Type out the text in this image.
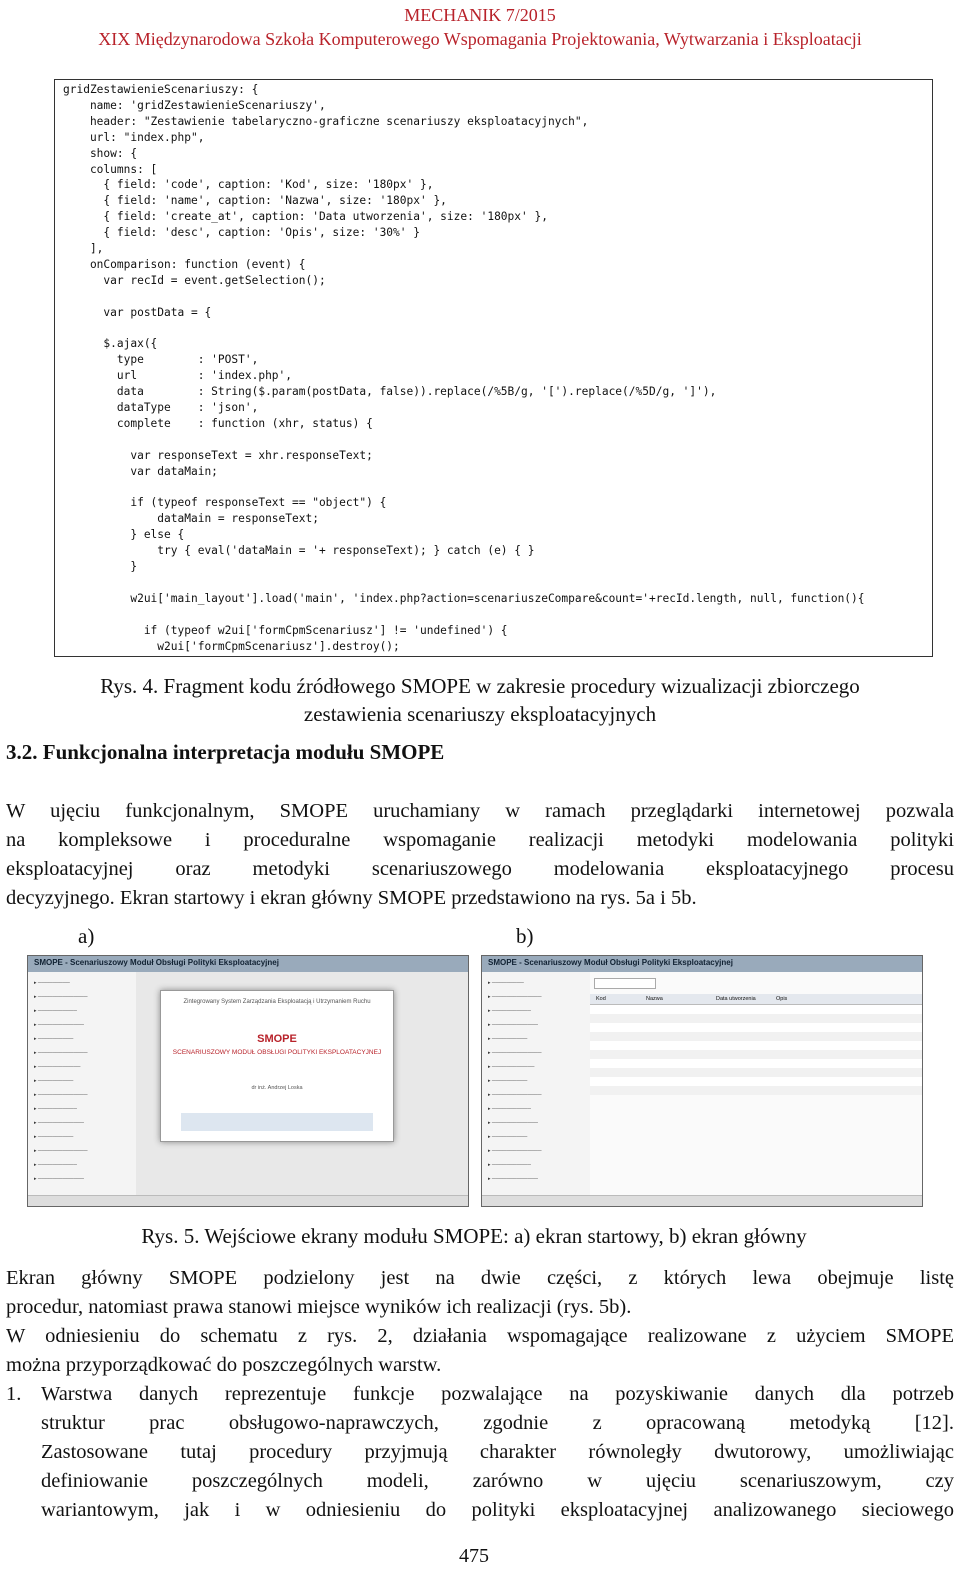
MECHANIK 7/2015
XIX Międzynarodowa Szkoła Komputerowego Wspomagania Projektowania, Wytwarzania i Eksploatacji
gridZestawienieScenariuszy: {
name: 'gridZestawienieScenariuszy',
header: "Zestawienie tabelaryczno-graficzne scenariuszy eksploatacyjnych",
url: "index.php",
show: {
columns: [
{ field: 'code', caption: 'Kod', size: '180px' },
{ field: 'name', caption: 'Nazwa', size: '180px' },
{ field: 'create_at', caption: 'Data utworzenia', size: '180px' },
{ field: 'desc', caption: 'Opis', size: '30%' }
],
onComparison: function (event) {
var recId = event.getSelection();
var postData = {
$.ajax({
type        : 'POST',
url         : 'index.php',
data        : String($.param(postData, false)).replace(/%5B/g, '[').replace(/%5D/g, ']'),
dataType    : 'json',
complete    : function (xhr, status) {
var responseText = xhr.responseText;
var dataMain;
if (typeof responseText == "object") {
dataMain = responseText;
} else {
try { eval('dataMain = '+ responseText); } catch (e) { }
}
w2ui['main_layout'].load('main', 'index.php?action=scenariuszeCompare&count='+recId.length, null, function(){
if (typeof w2ui['formCpmScenariusz'] != 'undefined') {
w2ui['formCpmScenariusz'].destroy();
Rys. 4. Fragment kodu źródłowego SMOPE w zakresie procedury wizualizacji zbiorczego
zestawienia scenariuszy eksploatacyjnych
3.2. Funkcjonalna interpretacja modułu SMOPE
W ujęciu funkcjonalnym, SMOPE uruchamiany w ramach przeglądarki internetowej pozwala
na kompleksowe i proceduralne wspomaganie realizacji metodyki modelowania polityki
eksploatacyjnej oraz metodyki scenariuszowego modelowania eksploatacyjnego procesu
decyzyjnego. Ekran startowy i ekran główny SMOPE przedstawiono na rys. 5a i 5b.
a)	b)
SMOPE - Scenariuszowy Moduł Obsługi Polityki Eksploatacyjnej
▸ ─────────
▸ ──────────────
▸ ───────────
▸ ─────────────
▸ ──────────
▸ ──────────────
▸ ────────────
▸ ──────────
▸ ──────────────
▸ ───────────
▸ ─────────────
▸ ──────────
▸ ──────────────
▸ ───────────
▸ ─────────────
Zintegrowany System Zarządzania Eksploatacją i Utrzymaniem Ruchu
SMOPE
SCENARIUSZOWY MODUŁ OBSŁUGI POLITYKI EKSPLOATACYJNEJ
dr inż. Andrzej Loska
SMOPE - Scenariuszowy Moduł Obsługi Polityki Eksploatacyjnej
▸ ─────────
▸ ──────────────
▸ ───────────
▸ ─────────────
▸ ──────────
▸ ──────────────
▸ ────────────
▸ ──────────
▸ ──────────────
▸ ───────────
▸ ─────────────
▸ ──────────
▸ ──────────────
▸ ───────────
▸ ─────────────
Kod	Nazwa	Data utworzenia	Opis
Rys. 5. Wejściowe ekrany modułu SMOPE: a) ekran startowy, b) ekran główny
Ekran główny SMOPE podzielony jest na dwie części, z których lewa obejmuje listę
procedur, natomiast prawa stanowi miejsce wyników ich realizacji (rys. 5b).
W odniesieniu do schematu z rys. 2, działania wspomagające realizowane z użyciem SMOPE
można przyporządkować do poszczególnych warstw.
1. Warstwa danych reprezentuje funkcje pozwalające na pozyskiwanie danych dla potrzeb
struktur prac obsługowo-naprawczych, zgodnie z opracowaną metodyką [12].
Zastosowane tutaj procedury przyjmują charakter równoległy dwutorowy, umożliwiając
definiowanie poszczególnych modeli, zarówno w ujęciu scenariuszowym, czy
wariantowym, jak i w odniesieniu do polityki eksploatacyjnej analizowanego sieciowego
475
